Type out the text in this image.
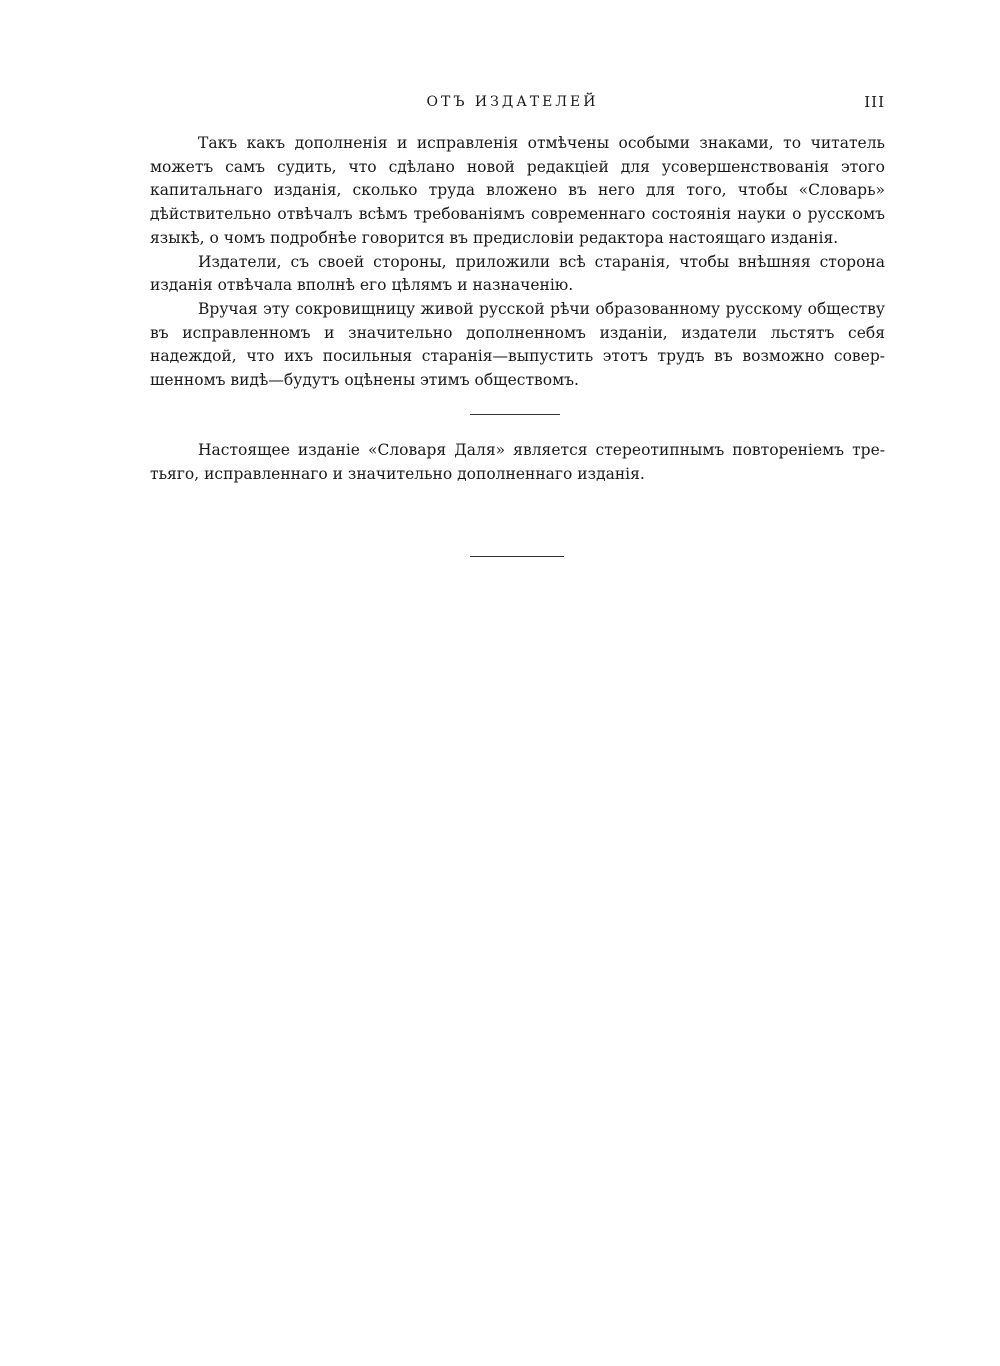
ОТЪ ИЗДАТЕЛЕЙ	III

Такъ какъ дополненія и исправленія отмѣчены особыми знаками, то читатель можетъ самъ судить, что сдѣлано новой редакціей для усовершенствованія этого капитальнаго изданія, сколько труда вложено въ него для того, чтобы «Словарь» дѣйствительно отвѣчалъ всѣмъ требованіямъ современнаго состоянія науки о русскомъ языкѣ, о чомъ подробнѣе говорится въ предисловіи редактора настоящаго изданія.

Издатели, съ своей стороны, приложили всѣ старанія, чтобы внѣшняя сторона изданія отвѣчала вполнѣ его цѣлямъ и назначенію.

Вручая эту сокровищницу живой русской рѣчи образованному русскому обществу въ исправленномъ и значительно дополненномъ изданіи, издатели льстятъ себя надеждой, что ихъ посильныя старанія—выпустить этотъ трудъ въ возможно совершенномъ видѣ—будутъ оцѣнены этимъ обществомъ.

Настоящее изданіе «Словаря Даля» является стереотипнымъ повтореніемъ третьяго, исправленнаго и значительно дополненнаго изданія.
